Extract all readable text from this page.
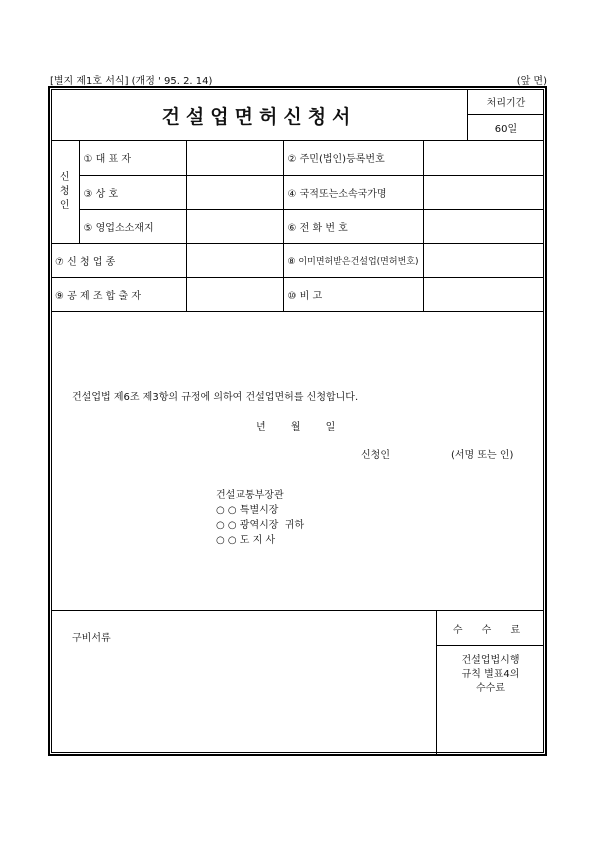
[별지 제1호 서식] (개정 ' 95. 2. 14)	(앞 면)
건설업면허신청서
처리기간
60일
신
청
인	① 대 표 자		② 주민(법인)등록번호	
	③ 상 호		④ 국적또는소속국가명	
	⑤ 영업소소재지		⑥ 전 화 번 호	
⑦ 신 청 업 종			⑧ 이미면허받은건설업(면허번호)	
⑨ 공 제 조 합 출 자			⑩ 비 고	
건설업법 제6조 제3항의 규정에 의하여 건설업면허를 신청합니다.
년 월 일
신청인	(서명 또는 인)
건설교통부장관
○ ○ 특별시장
○ ○ 광역시장  귀하
○ ○ 도 지 사
구비서류
수 수 료
건설업법시행
규칙 별표4의
수수료
